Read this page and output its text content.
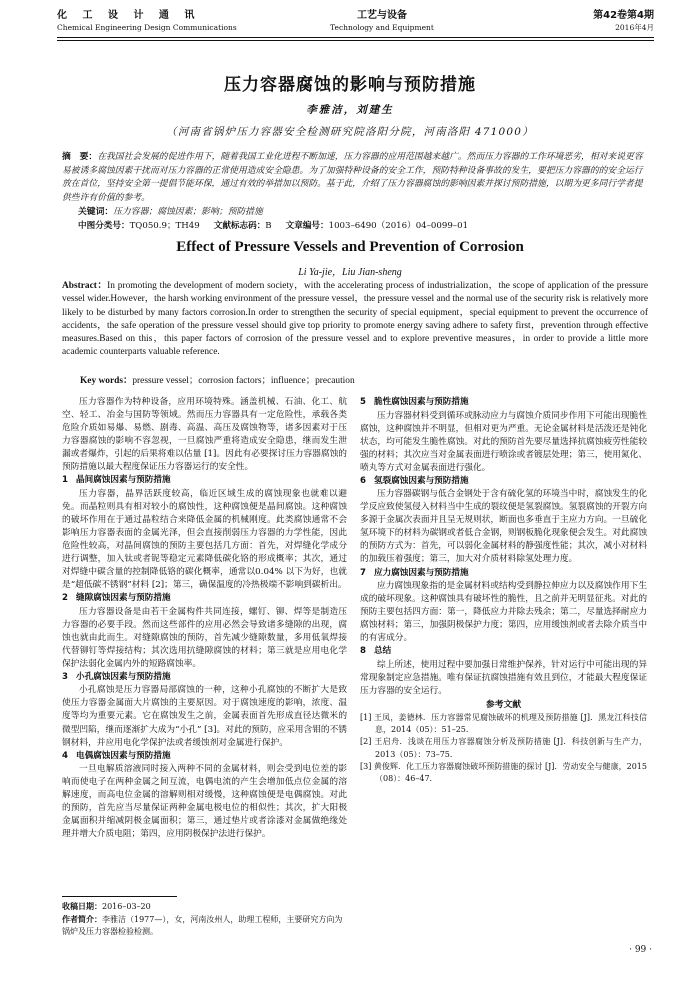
化 工 设 计 通 讯
Chemical Engineering Design Communications
工艺与设备
Technology and Equipment
第42卷第4期
2016年4月
压力容器腐蚀的影响与预防措施
李雅洁，刘建生
（河南省锅炉压力容器安全检测研究院洛阳分院，河南洛阳 471000）
摘　要：在我国社会发展的促进作用下，随着我国工业化进程不断加速，压力容器的应用范围越来越广。然而压力容器的工作环境恶劣，相对来说更容易被诱多腐蚀因素干扰而对压力容器的正常使用造成安全隐患。为了加强特种设备的安全工作，预防特种设备事故的发生，要把压力容器的的安全运行放在首位，坚持安全第一提倡节能环保，通过有效的举措加以预防。基于此，介绍了压力容器腐蚀的影响因素并探讨预防措施，以期为更多同行学者提供些许有价值的参考。
关键词：压力容器；腐蚀因素；影响；预防措施
中图分类号：TQ050.9；TH49 文献标志码：B 文章编号：1003–6490（2016）04–0099–01
Effect of Pressure Vessels and Prevention of Corrosion
Li Ya-jie，Liu Jian-sheng
Abstract：In promoting the development of modern society，with the accelerating process of industrialization，the scope of application of the pressure vessel wider.However，the harsh working environment of the pressure vessel，the pressure vessel and the normal use of the security risk is relatively more likely to be disturbed by many factors corrosion.In order to strengthen the security of special equipment，special equipment to prevent the occurrence of accidents，the safe operation of the pressure vessel should give top priority to promote energy saving adhere to safety first，prevention through effective measures.Based on this，this paper factors of corrosion of the pressure vessel and to explore preventive measures，in order to provide a little more academic counterparts valuable reference.
Key words：pressure vessel；corrosion factors；influence；precaution

压力容器作为特种设备，应用环境特殊。涵盖机械、石油、化工、航空、轻工、冶金与国防等领域。然而压力容器具有一定危险性，承载各类危险介质如易爆、易燃、剧毒、高温、高压及腐蚀物等，诸多因素对于压力容器腐蚀的影响不容忽视，一旦腐蚀严重将造成安全隐患，继而发生泄漏或者爆炸，引起的后果将难以估量 [1]。因此有必要探讨压力容器腐蚀的预防措施以最大程度保证压力容器运行的安全性。

1 晶间腐蚀因素与预防措施

压力容器，晶界活跃度较高，临近区域生成的腐蚀现象也就难以避免。而晶粒则具有相对较小的腐蚀性，这种腐蚀便是晶间腐蚀。这种腐蚀的破坏作用在于通过晶粒结合来降低金属的机械刚度。此类腐蚀通常不会影响压力容器表面的金属光泽，但会直接削弱压力容器的力学性能，因此危险性较高，对晶间腐蚀的预防主要包括几方面：首先，对焊缝化学成分进行调整，加入钛或者铌等稳定元素降低碳化铬的形成概率；其次，通过对焊缝中碳含量的控制降低铬的碳化概率，通常以0.04% 以下为好，也就是“超低碳不锈钢”材料 [2]；第三，确保温度的冷热极端不影响到碳析出。

2 缝隙腐蚀因素与预防措施

压力容器设备是由若干金属构件共同连接，螺钉、铆、焊等是制造压力容器的必要手段。然而这些部件的应用必然会导致诸多缝隙的出现，腐蚀也就由此而生。对缝隙腐蚀的预防，首先减少缝隙数量，多用低氧焊接代替铆钉等焊接结构；其次选用抗缝隙腐蚀的材料；第三就是应用电化学保护法弱化金属内外的短路腐蚀率。

3 小孔腐蚀因素与预防措施

小孔腐蚀是压力容器局部腐蚀的一种，这种小孔腐蚀的不断扩大是致使压力容器金属面大片腐蚀的主要原因。对于腐蚀速度的影响，浓度、温度等均为重要元素。它在腐蚀发生之前，金属表面首先形成直径达微米的微型凹陷，继而逐渐扩大成为“小孔” [3]。对此的预防，应采用含钼的不锈钢材料，并应用电化学保护法或者缓蚀剂对金属进行保护。

4 电偶腐蚀因素与预防措施

一旦电解质溶液同时接入两种不同的金属材料，则会受到电位差的影响而使电子在两种金属之间互流，电偶电流的产生会增加低点位金属的溶解速度，而高电位金属的溶解则相对缓慢，这种腐蚀便是电偶腐蚀。对此的预防，首先应当尽量保证两种金属电极电位的相似性；其次，扩大阳极金属面积并缩减阴极金属面积；第三，通过垫片或者涂漆对金属做绝缘处理并增大介质电阻；第四，应用阴极保护法进行保护。

5 脆性腐蚀因素与预防措施

压力容器材料受到循环或脉动应力与腐蚀介质同步作用下可能出现脆性腐蚀，这种腐蚀并不明显，但相对更为严重。无论金属材料是活泼还是钝化状态，均可能发生脆性腐蚀。对此的预防首先要尽量选择抗腐蚀疲劳性能较强的材料；其次应当对金属表面进行喷涂或者镀层处理；第三，使用氮化、喷丸等方式对金属表面进行强化。

6 氢裂腐蚀因素与预防措施

压力容器碳钢与低合金钢处于含有硫化氢的环境当中时，腐蚀发生的化学反应致使氢侵入材料当中生成的裂纹便是氢裂腐蚀。氢裂腐蚀的开裂方向多源于金属次表面并且呈无规则状，断面也多垂直于主应力方向。一旦硫化氢环境下的材料为碳钢或者低合金钢，则钢板脆化现象便会发生。对此腐蚀的预防方式为：首先，可以弱化金属材料的静强度性能；其次，减小对材料的加载压着强度；第三，加大对介质材料除氢处理力度。

7 应力腐蚀因素与预防措施

应力腐蚀现象指的是金属材料或结构受到静拉伸应力以及腐蚀作用下生成的破坏现象。这种腐蚀具有破坏性的脆性，且之前并无明显征兆。对此的预防主要包括四方面：第一，降低应力并除去残余；第二，尽量选择耐应力腐蚀材料；第三，加强阴极保护力度；第四，应用缓蚀剂或者去除介质当中的有害成分。

8 总结

综上所述，使用过程中要加强日常维护保养，针对运行中可能出现的异常现象制定应急措施。唯有保证抗腐蚀措施有效且到位，才能最大程度保证压力容器的安全运行。

参考文献
[1] 王凤，姜德林．压力容器常见腐蚀破坏的机理及预防措施 [J]．黑龙江科技信息，2014（05）：51–25.
[2] 王启舟．浅谈在用压力容器腐蚀分析及预防措施 [J]．科技创新与生产力，2013（05）：73–75.
[3] 黄俊辉．化工压力容器腐蚀破坏预防措施的探讨 [J]．劳动安全与健康，2015（08）：46–47.
收稿日期：2016–03–20
作者简介：李雅洁（1977—），女，河南汝州人，助理工程师，主要研究方向为锅炉及压力容器检验检测。
· 99 ·
